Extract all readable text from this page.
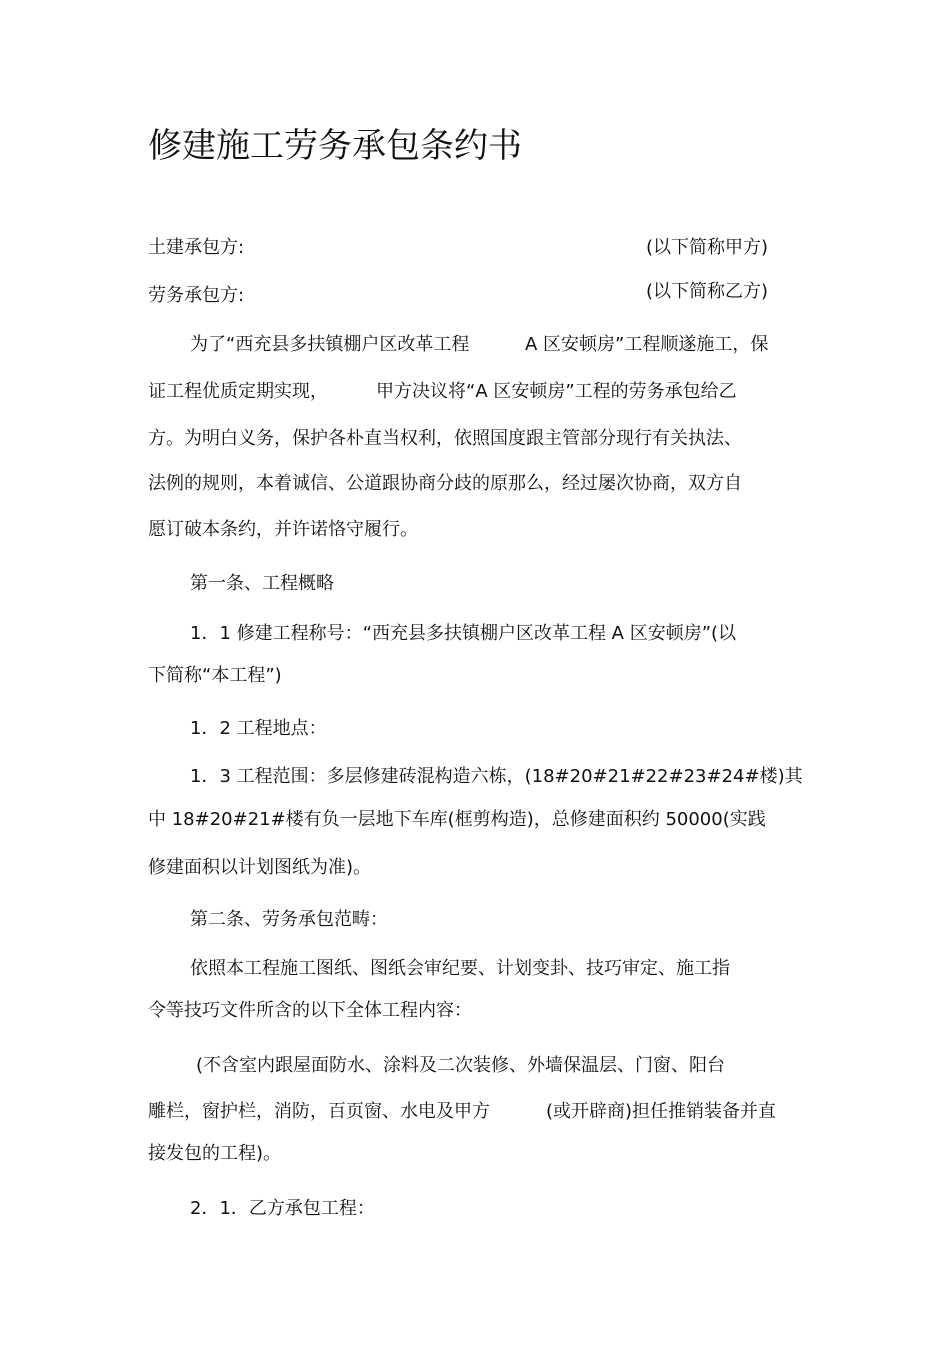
修建施工劳务承包条约书
土建承包方:	(以下简称甲方)
劳务承包方:	(以下简称乙方)
为了“西充县多扶镇棚户区改革工程	A 区安顿房”工程顺遂施工，保
证工程优质定期实现，	甲方决议将“A 区安顿房”工程的劳务承包给乙
方。为明白义务，保护各朴直当权利，依照国度跟主管部分现行有关执法、
法例的规则，本着诚信、公道跟协商分歧的原那么，经过屡次协商，双方自
愿订破本条约，并许诺恪守履行。
第一条、工程概略
1．1 修建工程称号：“西充县多扶镇棚户区改革工程 A 区安顿房”(以
下简称“本工程”)
1．2 工程地点：
1．3 工程范围：多层修建砖混构造六栋，(18#20#21#22#23#24#楼)其
中 18#20#21#楼有负一层地下车库(框剪构造)，总修建面积约 50000(实践
修建面积以计划图纸为准)。
第二条、劳务承包范畴：
依照本工程施工图纸、图纸会审纪要、计划变卦、技巧审定、施工指
令等技巧文件所含的以下全体工程内容：
(不含室内跟屋面防水、涂料及二次装修、外墙保温层、门窗、阳台
雕栏，窗护栏，消防，百页窗、水电及甲方	(或开辟商)担任推销装备并直
接发包的工程)。
2．1．乙方承包工程：
